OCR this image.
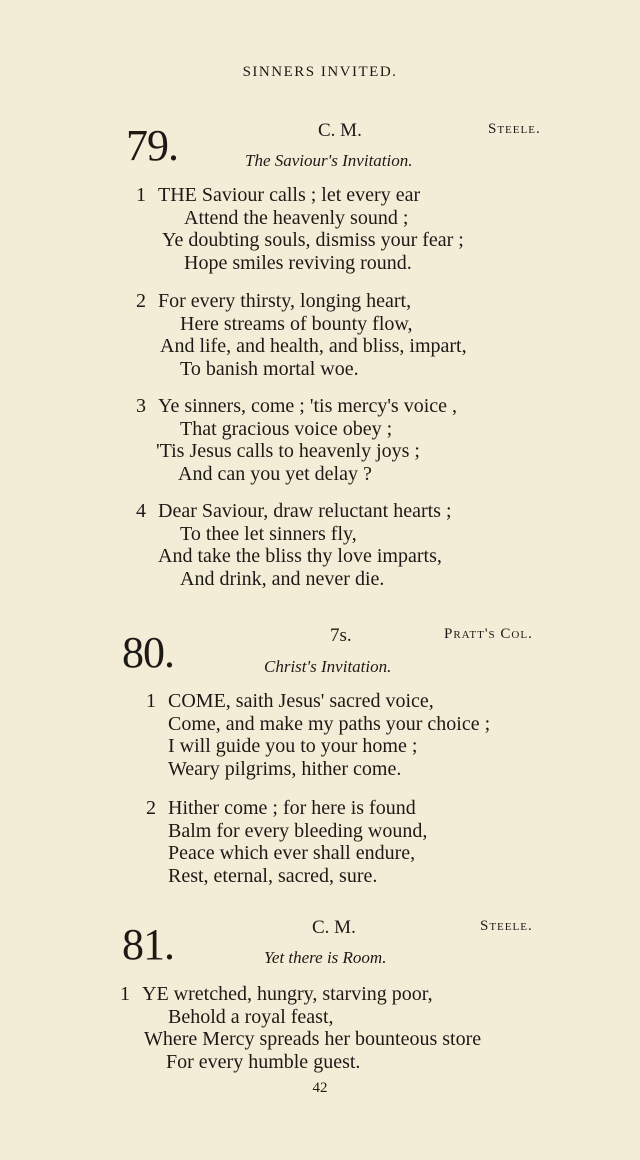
SINNERS INVITED.
79.	C. M.	Steele.
The Saviour's Invitation.
1 THE Saviour calls ; let every ear
Attend the heavenly sound ;
Ye doubting souls, dismiss your fear ;
Hope smiles reviving round.
2 For every thirsty, longing heart,
Here streams of bounty flow,
And life, and health, and bliss, impart,
To banish mortal woe.
3 Ye sinners, come ; 'tis mercy's voice ,
That gracious voice obey ;
'Tis Jesus calls to heavenly joys ;
And can you yet delay ?
4 Dear Saviour, draw reluctant hearts ;
To thee let sinners fly,
And take the bliss thy love imparts,
And drink, and never die.
80.	7s.	Pratt's Col.
Christ's Invitation.
1 COME, saith Jesus' sacred voice,
Come, and make my paths your choice ;
I will guide you to your home ;
Weary pilgrims, hither come.
2 Hither come ; for here is found
Balm for every bleeding wound,
Peace which ever shall endure,
Rest, eternal, sacred, sure.
81.	C. M.	Steele.
Yet there is Room.
1 YE wretched, hungry, starving poor,
Behold a royal feast,
Where Mercy spreads her bounteous store
For every humble guest.
42
